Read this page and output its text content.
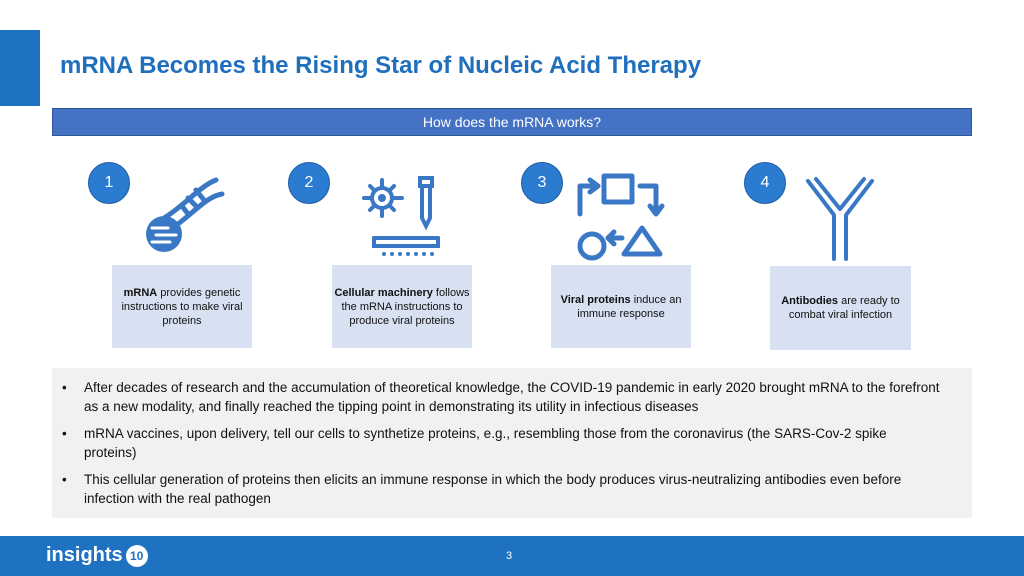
mRNA Becomes the Rising Star of Nucleic Acid Therapy
How does the mRNA works?
1
mRNA provides genetic instructions to make viral proteins
2
Cellular machinery follows the mRNA instructions to produce viral proteins
3
Viral proteins induce an immune response
4
Antibodies are ready to combat viral infection
• After decades of research and the accumulation of theoretical knowledge, the COVID-19 pandemic in early 2020 brought mRNA to the forefront as a new modality, and finally reached the tipping point in demonstrating its utility in infectious diseases
• mRNA vaccines, upon delivery, tell our cells to synthetize proteins, e.g., resembling those from the coronavirus (the SARS-Cov-2 spike proteins)
• This cellular generation of proteins then elicits an immune response in which the body produces virus-neutralizing antibodies even before infection with the real pathogen
insights 10	3
